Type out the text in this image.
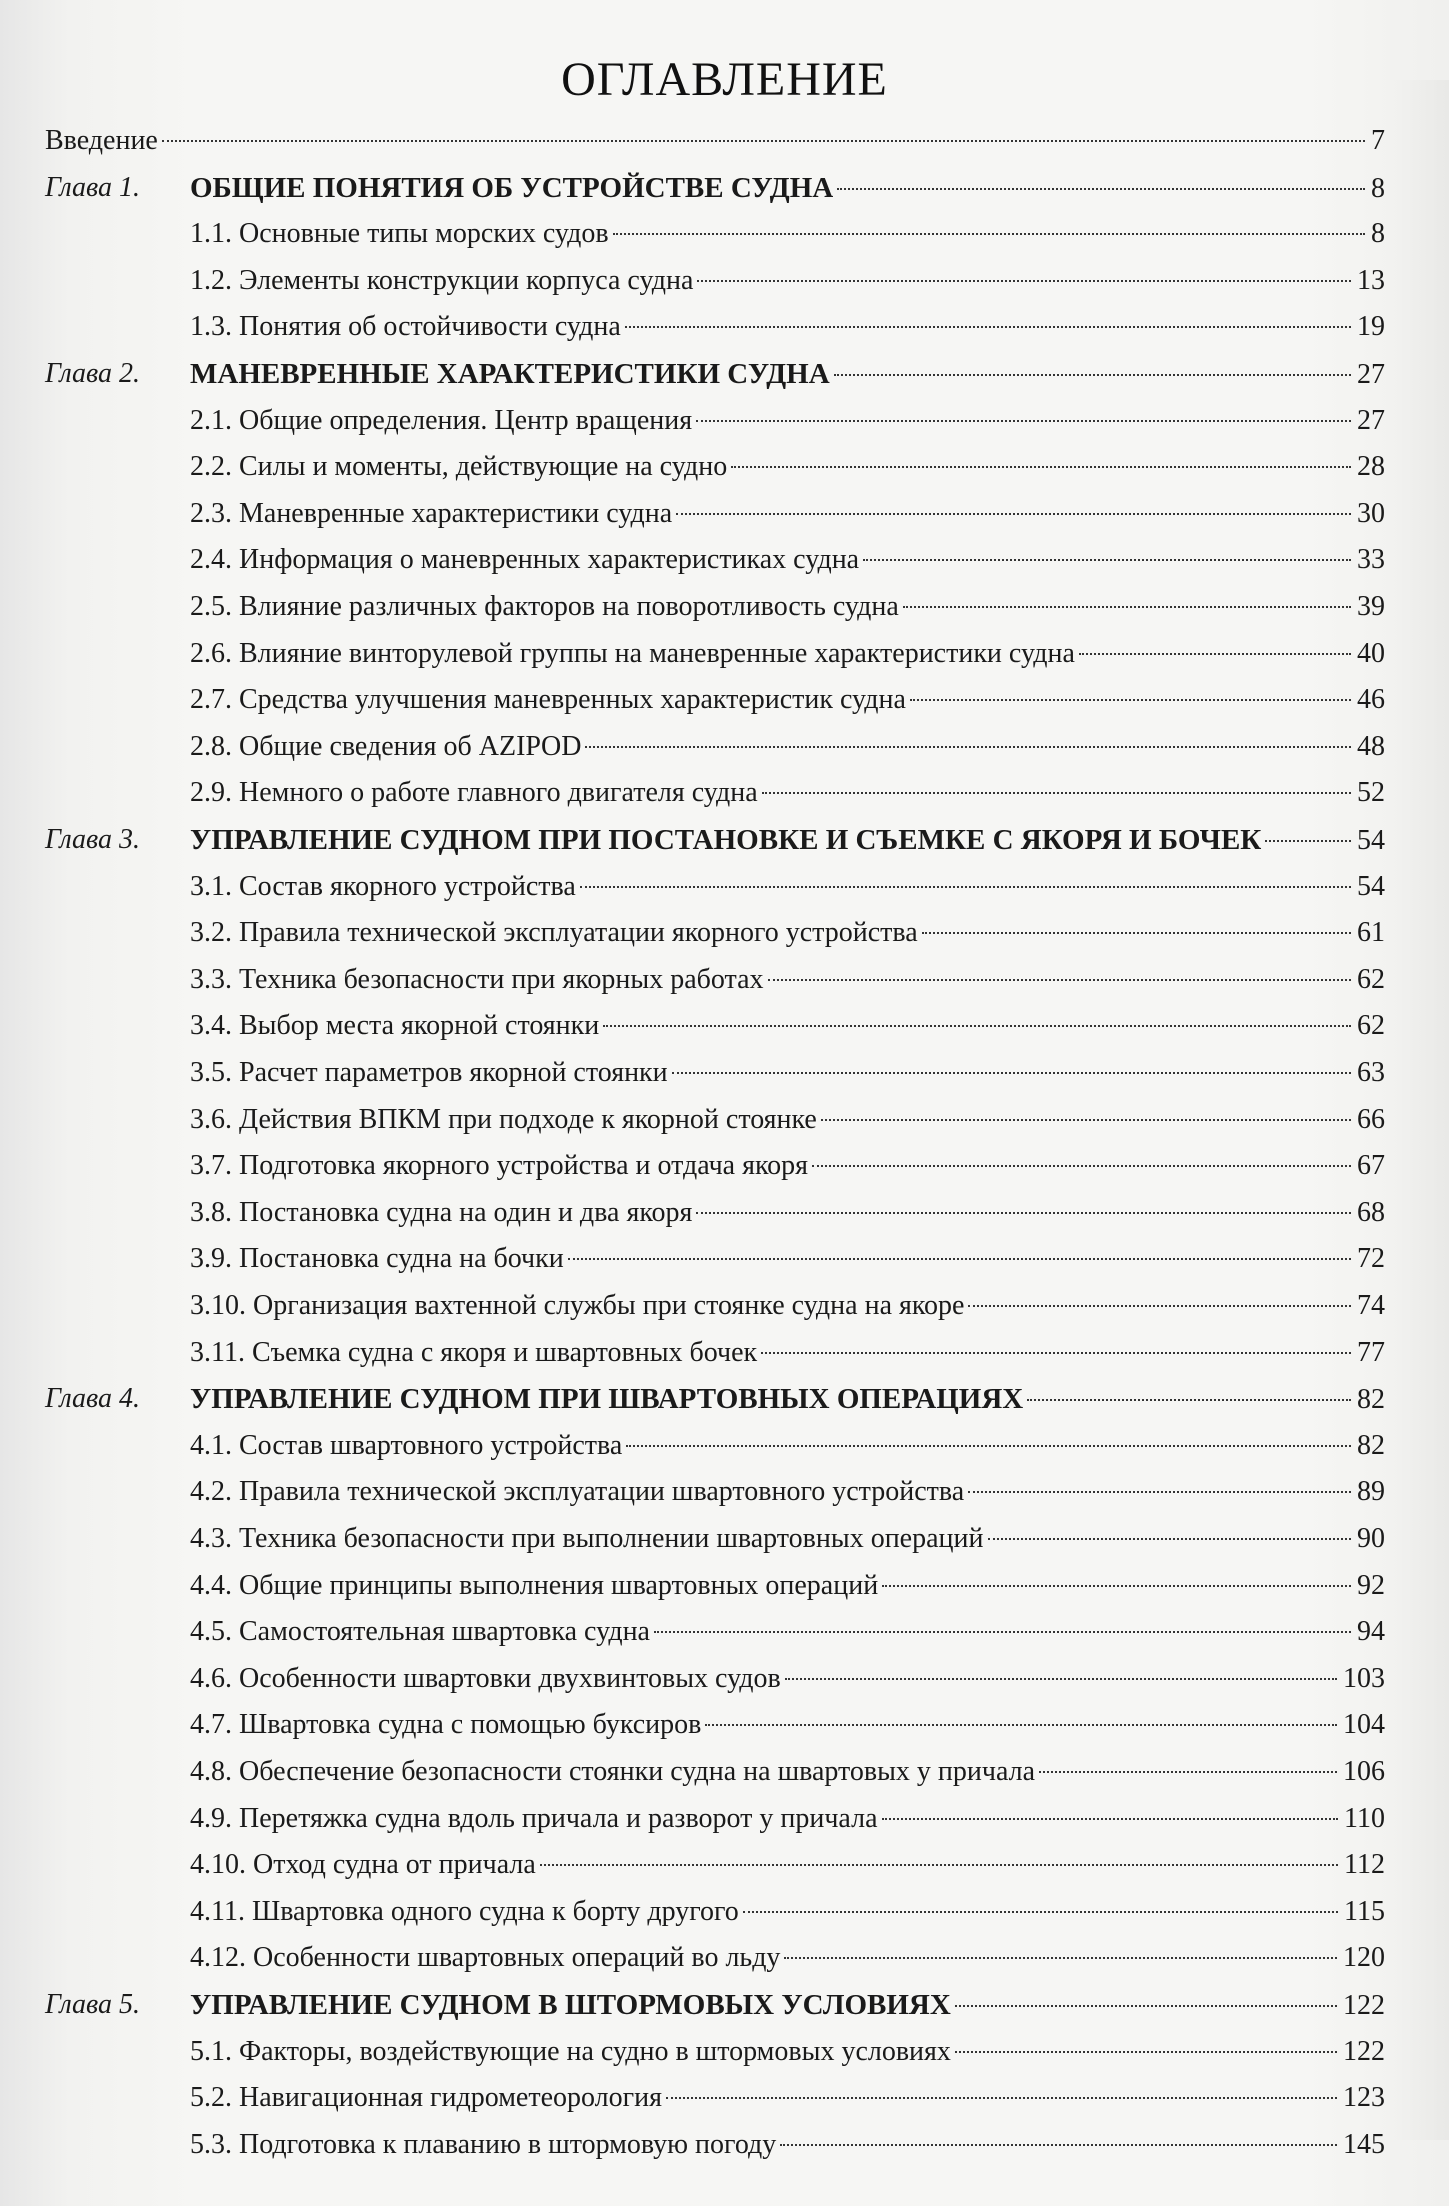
ОГЛАВЛЕНИЕ
Введение	7
Глава 1. ОБЩИЕ ПОНЯТИЯ ОБ УСТРОЙСТВЕ СУДНА	8
1.1. Основные типы морских судов	8
1.2. Элементы конструкции корпуса судна	13
1.3. Понятия об остойчивости судна	19
Глава 2. МАНЕВРЕННЫЕ ХАРАКТЕРИСТИКИ СУДНА	27
2.1. Общие определения. Центр вращения	27
2.2. Силы и моменты, действующие на судно	28
2.3. Маневренные характеристики судна	30
2.4. Информация о маневренных характеристиках судна	33
2.5. Влияние различных факторов на поворотливость судна	39
2.6. Влияние винторулевой группы на маневренные характеристики судна	40
2.7. Средства улучшения маневренных характеристик судна	46
2.8. Общие сведения об AZIPOD	48
2.9. Немного о работе главного двигателя судна	52
Глава 3. УПРАВЛЕНИЕ СУДНОМ ПРИ ПОСТАНОВКЕ И СЪЕМКЕ С ЯКОРЯ И БОЧЕК	54
3.1. Состав якорного устройства	54
3.2. Правила технической эксплуатации якорного устройства	61
3.3. Техника безопасности при якорных работах	62
3.4. Выбор места якорной стоянки	62
3.5. Расчет параметров якорной стоянки	63
3.6. Действия ВПКМ при подходе к якорной стоянке	66
3.7. Подготовка якорного устройства и отдача якоря	67
3.8. Постановка судна на один и два якоря	68
3.9. Постановка судна на бочки	72
3.10. Организация вахтенной службы при стоянке судна на якоре	74
3.11. Съемка судна с якоря и швартовных бочек	77
Глава 4. УПРАВЛЕНИЕ СУДНОМ ПРИ ШВАРТОВНЫХ ОПЕРАЦИЯХ	82
4.1. Состав швартовного устройства	82
4.2. Правила технической эксплуатации швартовного устройства	89
4.3. Техника безопасности при выполнении швартовных операций	90
4.4. Общие принципы выполнения швартовных операций	92
4.5. Самостоятельная швартовка судна	94
4.6. Особенности швартовки двухвинтовых судов	103
4.7. Швартовка судна с помощью буксиров	104
4.8. Обеспечение безопасности стоянки судна на швартовых у причала	106
4.9. Перетяжка судна вдоль причала и разворот у причала	110
4.10. Отход судна от причала	112
4.11. Швартовка одного судна к борту другого	115
4.12. Особенности швартовных операций во льду	120
Глава 5. УПРАВЛЕНИЕ СУДНОМ В ШТОРМОВЫХ УСЛОВИЯХ	122
5.1. Факторы, воздействующие на судно в штормовых условиях	122
5.2. Навигационная гидрометеорология	123
5.3. Подготовка к плаванию в штормовую погоду	145
